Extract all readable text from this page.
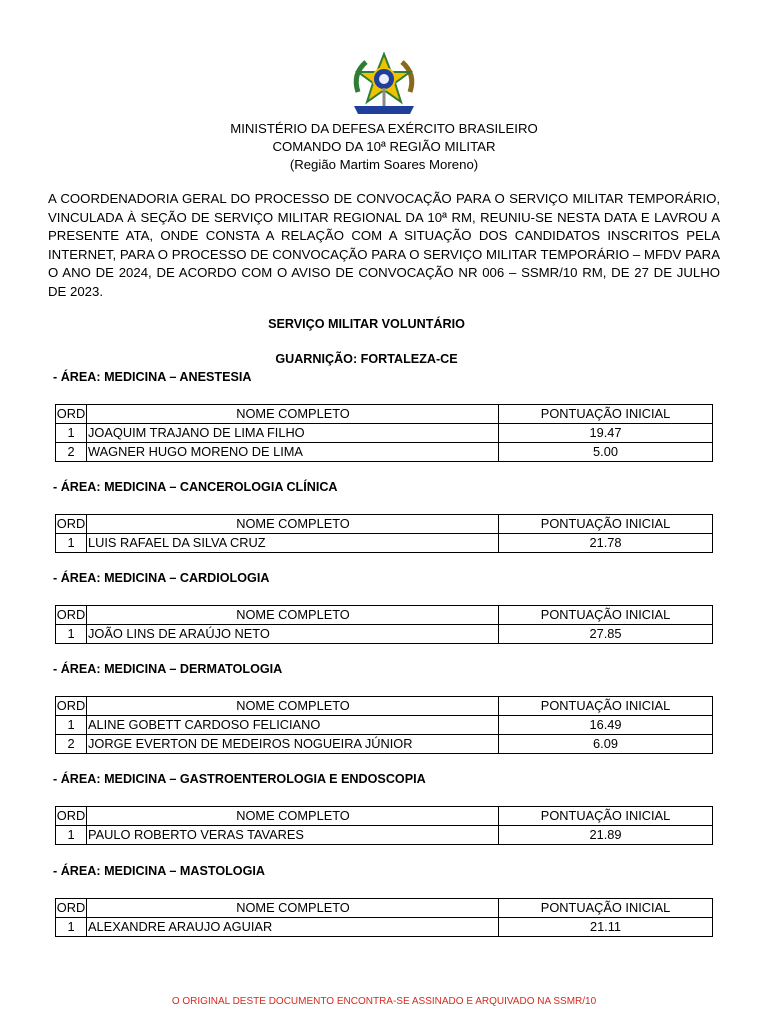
MINISTÉRIO DA DEFESA EXÉRCITO BRASILEIRO
COMANDO DA 10ª REGIÃO MILITAR
(Região Martim Soares Moreno)
A COORDENADORIA GERAL DO PROCESSO DE CONVOCAÇÃO PARA O SERVIÇO MILITAR TEMPORÁRIO, VINCULADA À SEÇÃO DE SERVIÇO MILITAR REGIONAL DA 10ª RM, REUNIU-SE NESTA DATA E LAVROU A PRESENTE ATA, ONDE CONSTA A RELAÇÃO COM A SITUAÇÃO DOS CANDIDATOS INSCRITOS PELA INTERNET, PARA O PROCESSO DE CONVOCAÇÃO PARA O SERVIÇO MILITAR TEMPORÁRIO – MFDV PARA O ANO DE 2024, DE ACORDO COM O AVISO DE CONVOCAÇÃO NR 006 – SSMR/10 RM, DE 27 DE JULHO DE 2023.
SERVIÇO MILITAR VOLUNTÁRIO
GUARNIÇÃO: FORTALEZA-CE
- ÁREA: MEDICINA – ANESTESIA
ORD	NOME COMPLETO	PONTUAÇÃO INICIAL
1	JOAQUIM TRAJANO DE LIMA FILHO	19.47
2	WAGNER HUGO MORENO DE LIMA	5.00
- ÁREA: MEDICINA – CANCEROLOGIA CLÍNICA
ORD	NOME COMPLETO	PONTUAÇÃO INICIAL
1	LUIS RAFAEL DA SILVA CRUZ	21.78
- ÁREA: MEDICINA – CARDIOLOGIA
ORD	NOME COMPLETO	PONTUAÇÃO INICIAL
1	JOÃO LINS DE ARAÚJO NETO	27.85
- ÁREA: MEDICINA – DERMATOLOGIA
ORD	NOME COMPLETO	PONTUAÇÃO INICIAL
1	ALINE GOBETT CARDOSO FELICIANO	16.49
2	JORGE EVERTON DE MEDEIROS NOGUEIRA JÚNIOR	6.09
- ÁREA: MEDICINA – GASTROENTEROLOGIA E ENDOSCOPIA
ORD	NOME COMPLETO	PONTUAÇÃO INICIAL
1	PAULO ROBERTO VERAS TAVARES	21.89
- ÁREA: MEDICINA – MASTOLOGIA
ORD	NOME COMPLETO	PONTUAÇÃO INICIAL
1	ALEXANDRE ARAUJO AGUIAR	21.11
O ORIGINAL DESTE DOCUMENTO ENCONTRA-SE ASSINADO E ARQUIVADO NA SSMR/10
